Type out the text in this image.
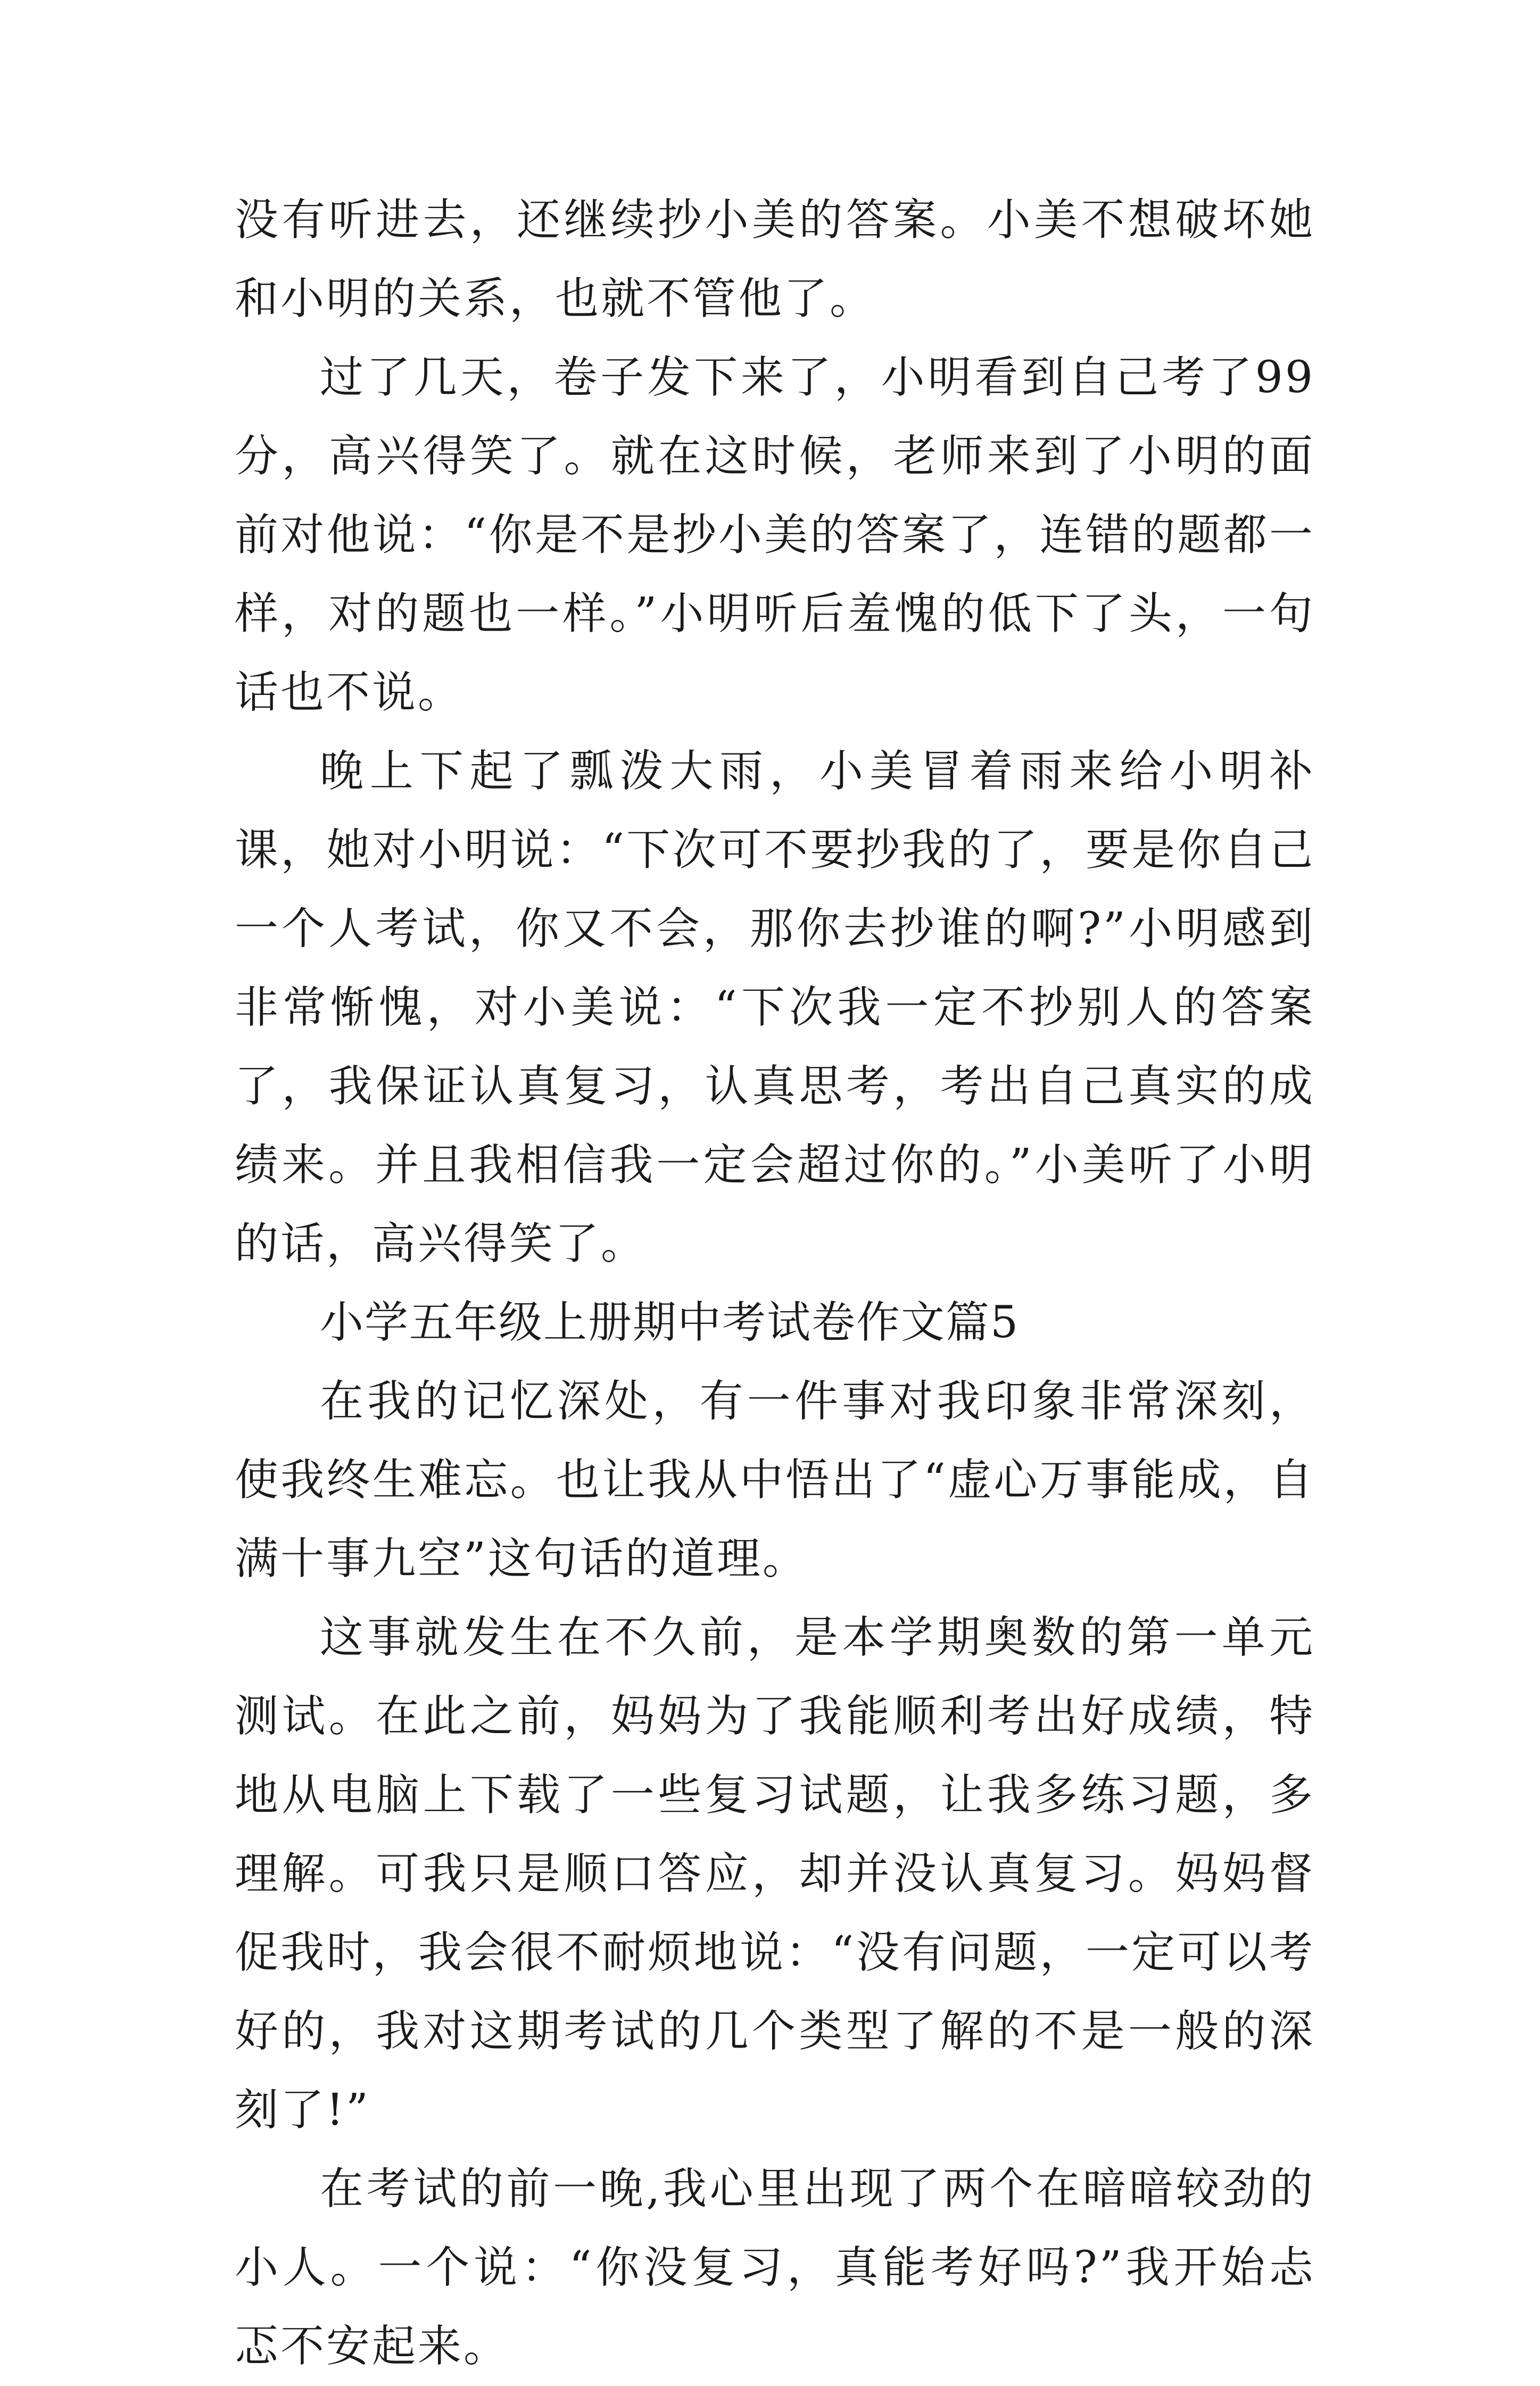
没有听进去，还继续抄小美的答案。小美不想破坏她和小明的关系，也就不管他了。

过了几天，卷子发下来了，小明看到自己考了99分，高兴得笑了。就在这时候，老师来到了小明的面前对他说：“你是不是抄小美的答案了，连错的题都一样，对的题也一样。”小明听后羞愧的低下了头，一句话也不说。

晚上下起了瓢泼大雨，小美冒着雨来给小明补课，她对小明说：“下次可不要抄我的了，要是你自己一个人考试，你又不会，那你去抄谁的啊?”小明感到非常惭愧，对小美说：“下次我一定不抄别人的答案了，我保证认真复习，认真思考，考出自己真实的成绩来。并且我相信我一定会超过你的。”小美听了小明的话，高兴得笑了。

小学五年级上册期中考试卷作文篇5

在我的记忆深处，有一件事对我印象非常深刻，使我终生难忘。也让我从中悟出了“虚心万事能成，自满十事九空”这句话的道理。

这事就发生在不久前，是本学期奥数的第一单元测试。在此之前，妈妈为了我能顺利考出好成绩，特地从电脑上下载了一些复习试题，让我多练习题，多理解。可我只是顺口答应，却并没认真复习。妈妈督促我时，我会很不耐烦地说：“没有问题，一定可以考好的，我对这期考试的几个类型了解的不是一般的深刻了!”

在考试的前一晚,我心里出现了两个在暗暗较劲的小人。一个说：“你没复习，真能考好吗?”我开始忐忑不安起来。
